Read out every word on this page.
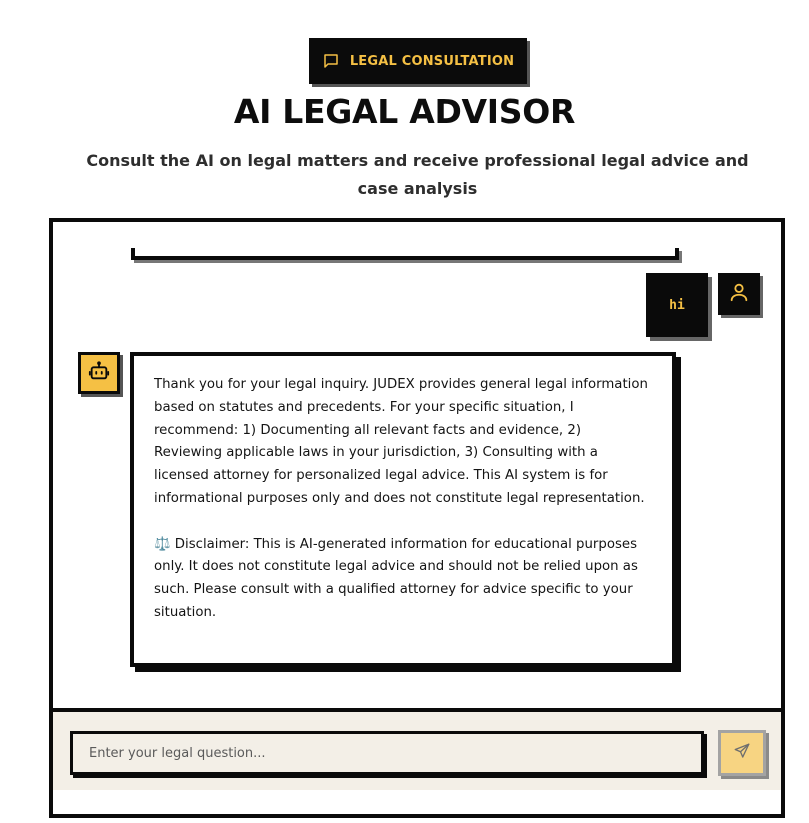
LEGAL CONSULTATION
AI LEGAL ADVISOR

Consult the AI on legal matters and receive professional legal advice and case analysis

hi

Thank you for your legal inquiry. JUDEX provides general legal information based on statutes and precedents. For your specific situation, I recommend: 1) Documenting all relevant facts and evidence, 2) Reviewing applicable laws in your jurisdiction, 3) Consulting with a licensed attorney for personalized legal advice. This AI system is for informational purposes only and does not constitute legal representation.

⚖️ Disclaimer: This is AI-generated information for educational purposes only. It does not constitute legal advice and should not be relied upon as such. Please consult with a qualified attorney for advice specific to your situation.

Enter your legal question...
